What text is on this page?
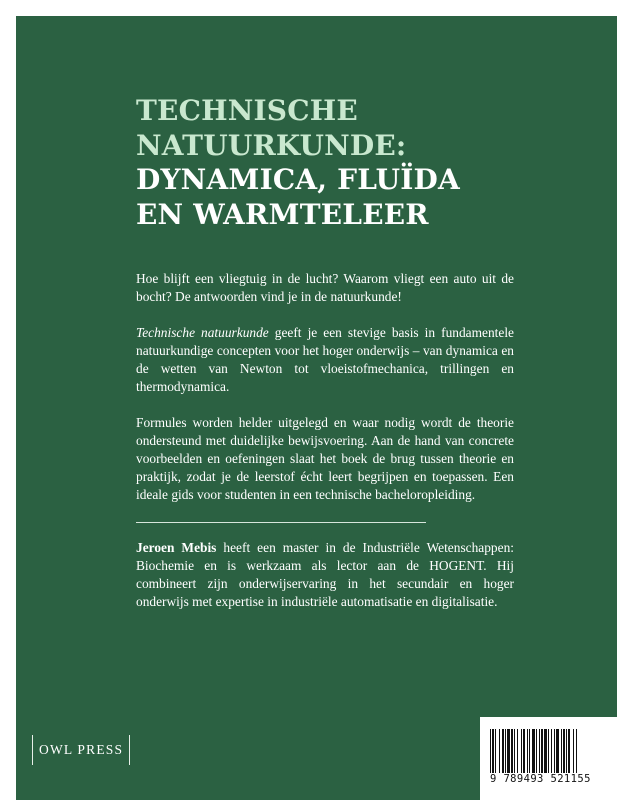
TECHNISCHE
NATUURKUNDE:
DYNAMICA, FLUÏDA
EN WARMTELEER

Hoe blijft een vliegtuig in de lucht? Waarom vliegt een auto uit de bocht? De antwoorden vind je in de natuurkunde!

Technische natuurkunde geeft je een stevige basis in fundamentele natuurkundige concepten voor het hoger onderwijs – van dynamica en de wetten van Newton tot vloeistofmechanica, trillingen en thermodynamica.

Formules worden helder uitgelegd en waar nodig wordt de theorie ondersteund met duidelijke bewijsvoering. Aan de hand van concrete voorbeelden en oefeningen slaat het boek de brug tussen theorie en praktijk, zodat je de leerstof écht leert begrijpen en toepassen. Een ideale gids voor studenten in een technische bacheloropleiding.

Jeroen Mebis heeft een master in de Industriële Wetenschappen: Biochemie en is werkzaam als lector aan de HOGENT. Hij combineert zijn onderwijservaring in het secundair en hoger onderwijs met expertise in industriële automatisatie en digitalisatie.

OWL PRESS
9 789493 521155
